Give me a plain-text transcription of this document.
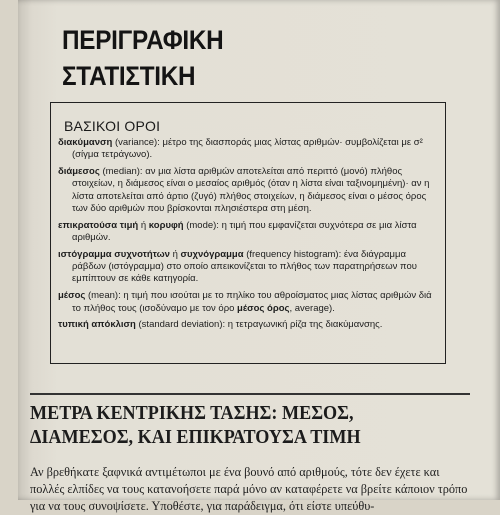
ΠΕΡΙΓΡΑΦΙΚΗ
ΣΤΑΤΙΣΤΙΚΗ
ΒΑΣΙΚΟΙ ΟΡΟΙ

διακύμανση (variance): μέτρο της διασποράς μιας λίστας αριθμών· συμβολίζεται με σ² (σίγμα τετράγωνο).

διάμεσος (median): αν μια λίστα αριθμών αποτελείται από περιττό (μονό) πλήθος στοιχείων, η διάμεσος είναι ο μεσαίος αριθμός (όταν η λίστα είναι ταξινομημένη)· αν η λίστα αποτελείται από άρτιο (ζυγό) πλήθος στοιχείων, η διάμεσος είναι ο μέσος όρος των δύο αριθμών που βρίσκονται πλησιέστερα στη μέση.

επικρατούσα τιμή ή κορυφή (mode): η τιμή που εμφανίζεται συχνότερα σε μια λίστα αριθμών.

ιστόγραμμα συχνοτήτων ή συχνόγραμμα (frequency histogram): ένα διάγραμμα ράβδων (ιστόγραμμα) στο οποίο απεικονίζεται το πλήθος των παρατηρήσεων που εμπίπτουν σε κάθε κατηγορία.

μέσος (mean): η τιμή που ισούται με το πηλίκο του αθροίσματος μιας λίστας αριθμών διά το πλήθος τους (ισοδύναμο με τον όρο μέσος όρος, average).

τυπική απόκλιση (standard deviation): η τετραγωνική ρίζα της διακύμανσης.

ΜΕΤΡΑ ΚΕΝΤΡΙΚΗΣ ΤΑΣΗΣ: ΜΕΣΟΣ,
ΔΙΑΜΕΣΟΣ, ΚΑΙ ΕΠΙΚΡΑΤΟΥΣΑ ΤΙΜΗ

Αν βρεθήκατε ξαφνικά αντιμέτωποι με ένα βουνό από αριθμούς, τότε δεν έχετε και πολλές ελπίδες να τους κατανοήσετε παρά μόνο αν καταφέρετε να βρείτε κάποιον τρόπο για να τους συνοψίσετε. Υποθέστε, για παράδειγμα, ότι είστε υπεύθυ-
